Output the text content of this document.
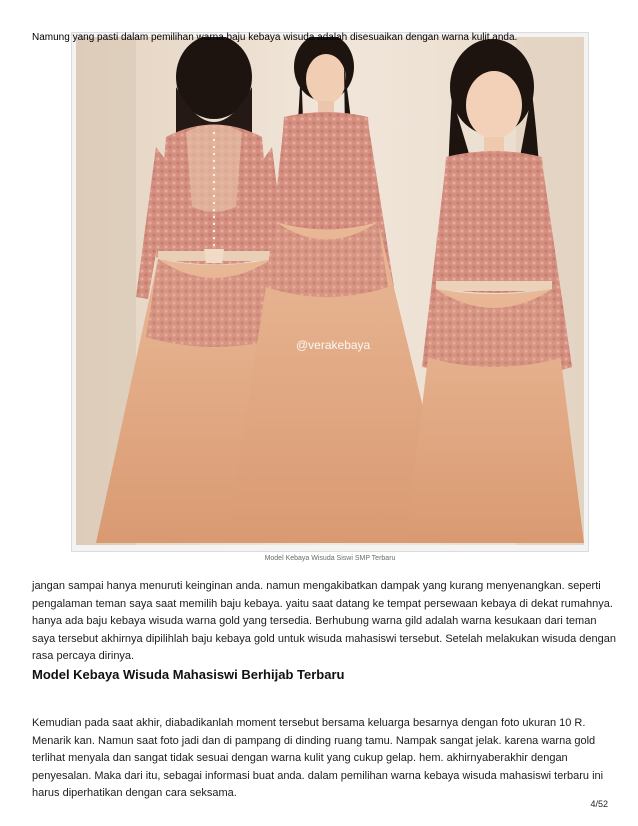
Namung yang pasti dalam pemilihan warna baju kebaya wisuda adalah disesuaikan dengan warna kulit anda.
@verakebaya
Model Kebaya Wisuda Siswi SMP Terbaru

jangan sampai hanya menuruti keinginan anda. namun mengakibatkan dampak yang kurang menyenangkan. seperti pengalaman teman saya saat memilih baju kebaya. yaitu saat datang ke tempat persewaan kebaya di dekat rumahnya. hanya ada baju kebaya wisuda warna gold yang tersedia. Berhubung warna gild adalah warna kesukaan dari teman saya tersebut akhirnya dipilihlah baju kebaya gold untuk wisuda mahasiswi tersebut. Setelah melakukan wisuda dengan rasa percaya dirinya.

Model Kebaya Wisuda Mahasiswi Berhijab Terbaru

Kemudian pada saat akhir, diabadikanlah moment tersebut bersama keluarga besarnya dengan foto ukuran 10 R. Menarik kan. Namun saat foto jadi dan di pampang di dinding ruang tamu. Nampak sangat jelak. karena warna gold terlihat menyala dan sangat tidak sesuai dengan warna kulit yang cukup gelap. hem. akhirnyaberakhir dengan penyesalan. Maka dari itu, sebagai informasi buat anda. dalam pemilihan warna kebaya wisuda mahasiswi terbaru ini harus diperhatikan dengan cara seksama.

4/52
